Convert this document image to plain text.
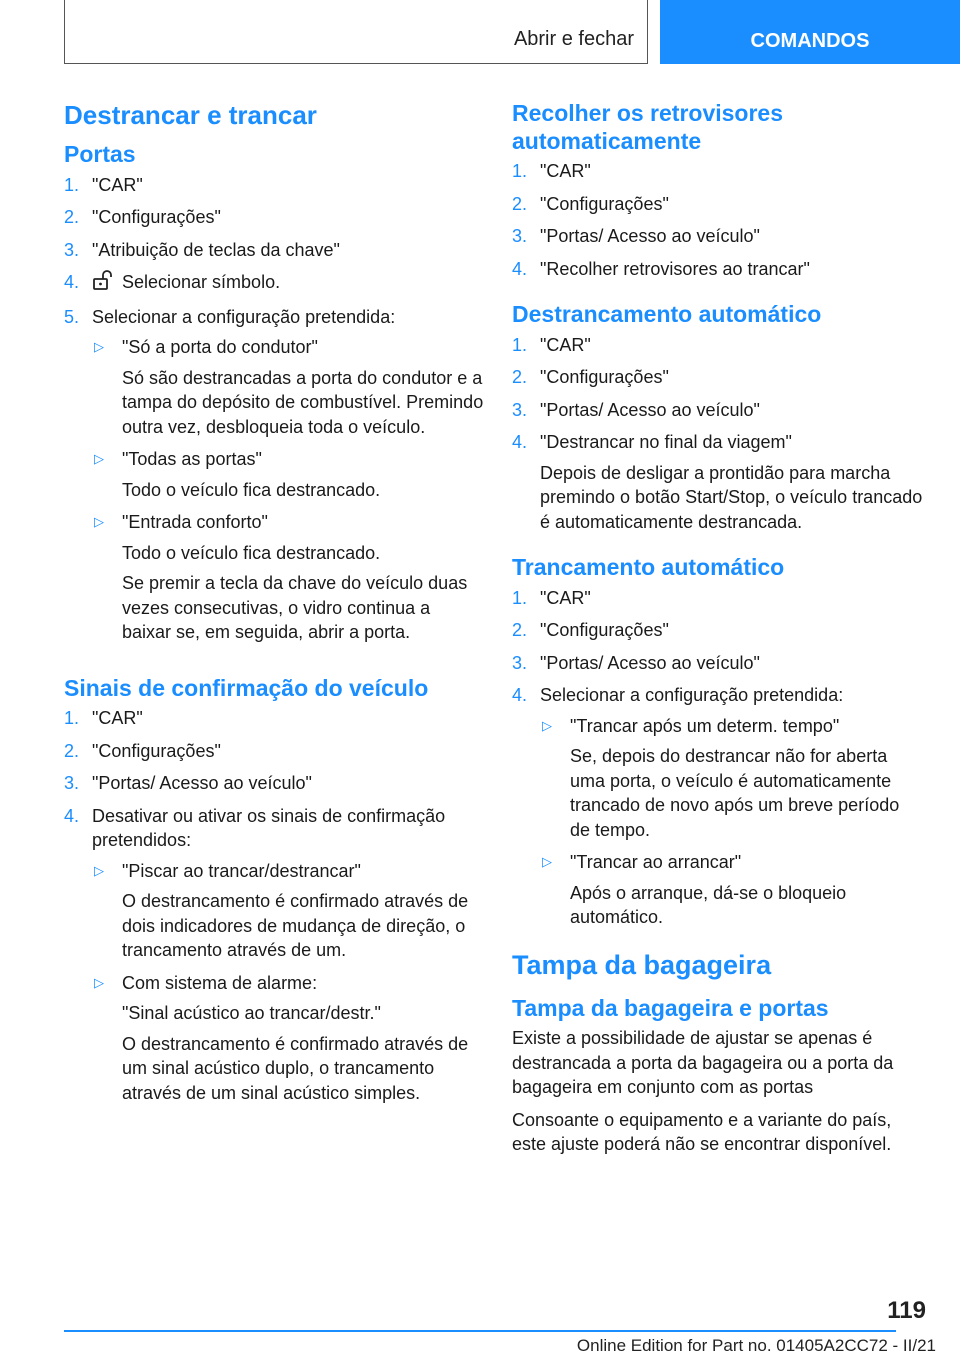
Abrir e fechar	COMANDOS
Destrancar e trancar
Portas
1. "CAR"
2. "Configurações"
3. "Atribuição de teclas da chave"
4. Selecionar símbolo.
5. Selecionar a configuração pretendida:
▷ "Só a porta do condutor"

Só são destrancadas a porta do condutor e a tampa do depósito de combustível. Premindo outra vez, desbloqueia toda o veículo.

▷ "Todas as portas"

Todo o veículo fica destrancado.

▷ "Entrada conforto"

Todo o veículo fica destrancado.

Se premir a tecla da chave do veículo duas vezes consecutivas, o vidro continua a baixar se, em seguida, abrir a porta.

Sinais de confirmação do veículo
1. "CAR"
2. "Configurações"
3. "Portas/ Acesso ao veículo"
4. Desativar ou ativar os sinais de confirmação pretendidos:
▷ "Piscar ao trancar/destrancar"

O destrancamento é confirmado através de dois indicadores de mudança de direção, o trancamento através de um.

▷ Com sistema de alarme:

"Sinal acústico ao trancar/destr."

O destrancamento é confirmado através de um sinal acústico duplo, o trancamento através de um sinal acústico simples.

Recolher os retrovisores automaticamente
1. "CAR"
2. "Configurações"
3. "Portas/ Acesso ao veículo"
4. "Recolher retrovisores ao trancar"
Destrancamento automático
1. "CAR"
2. "Configurações"
3. "Portas/ Acesso ao veículo"
4. "Destrancar no final da viagem"

Depois de desligar a prontidão para marcha premindo o botão Start/Stop, o veículo trancado é automaticamente destrancada.

Trancamento automático
1. "CAR"
2. "Configurações"
3. "Portas/ Acesso ao veículo"
4. Selecionar a configuração pretendida:
▷ "Trancar após um determ. tempo"

Se, depois do destrancar não for aberta uma porta, o veículo é automaticamente trancado de novo após um breve período de tempo.

▷ "Trancar ao arrancar"

Após o arranque, dá-se o bloqueio automático.

Tampa da bagageira
Tampa da bagageira e portas

Existe a possibilidade de ajustar se apenas é destrancada a porta da bagageira ou a porta da bagageira em conjunto com as portas

Consoante o equipamento e a variante do país, este ajuste poderá não se encontrar disponível.

119
Online Edition for Part no. 01405A2CC72 - II/21
